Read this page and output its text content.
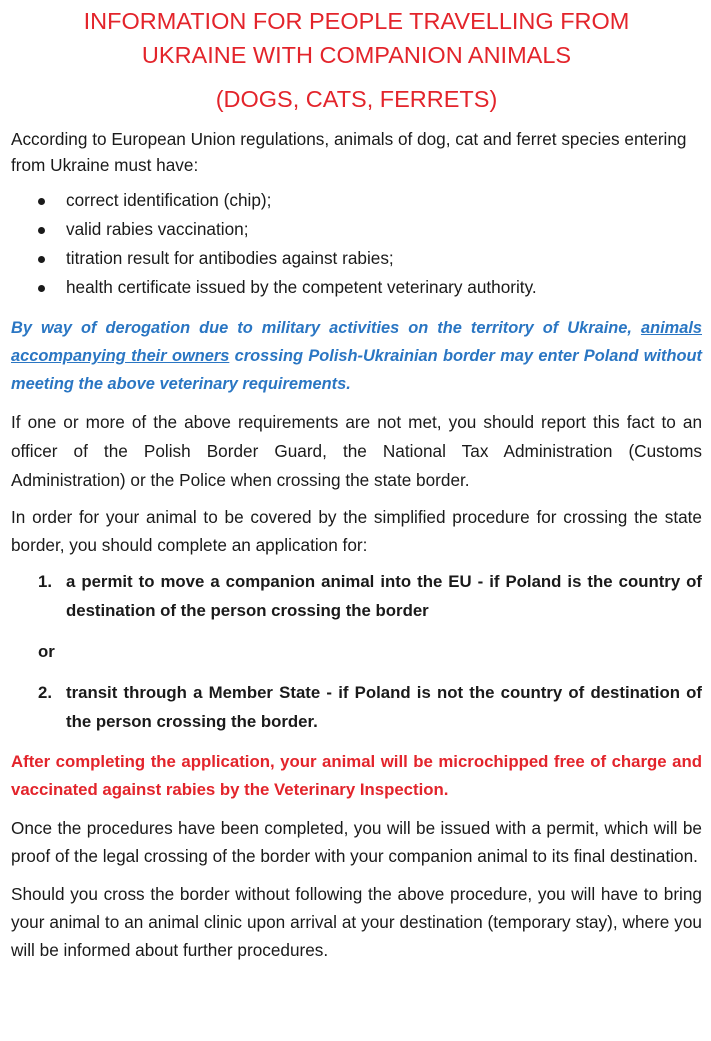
INFORMATION FOR PEOPLE TRAVELLING FROM
UKRAINE WITH COMPANION ANIMALS
(DOGS, CATS, FERRETS)

According to European Union regulations, animals of dog, cat and ferret species entering from Ukraine must have:

correct identification (chip);
valid rabies vaccination;
titration result for antibodies against rabies;
health certificate issued by the competent veterinary authority.

By way of derogation due to military activities on the territory of Ukraine, animals accompanying their owners crossing Polish-Ukrainian border may enter Poland without meeting the above veterinary requirements.

If one or more of the above requirements are not met, you should report this fact to an officer of the Polish Border Guard, the National Tax Administration (Customs Administration) or the Police when crossing the state border.

In order for your animal to be covered by the simplified procedure for crossing the state border, you should complete an application for:

1. a permit to move a companion animal into the EU - if Poland is the country of destination of the person crossing the border
or
2. transit through a Member State - if Poland is not the country of destination of the person crossing the border.

After completing the application, your animal will be microchipped free of charge and vaccinated against rabies by the Veterinary Inspection.

Once the procedures have been completed, you will be issued with a permit, which will be proof of the legal crossing of the border with your companion animal to its final destination.

Should you cross the border without following the above procedure, you will have to bring your animal to an animal clinic upon arrival at your destination (temporary stay), where you will be informed about further procedures.
